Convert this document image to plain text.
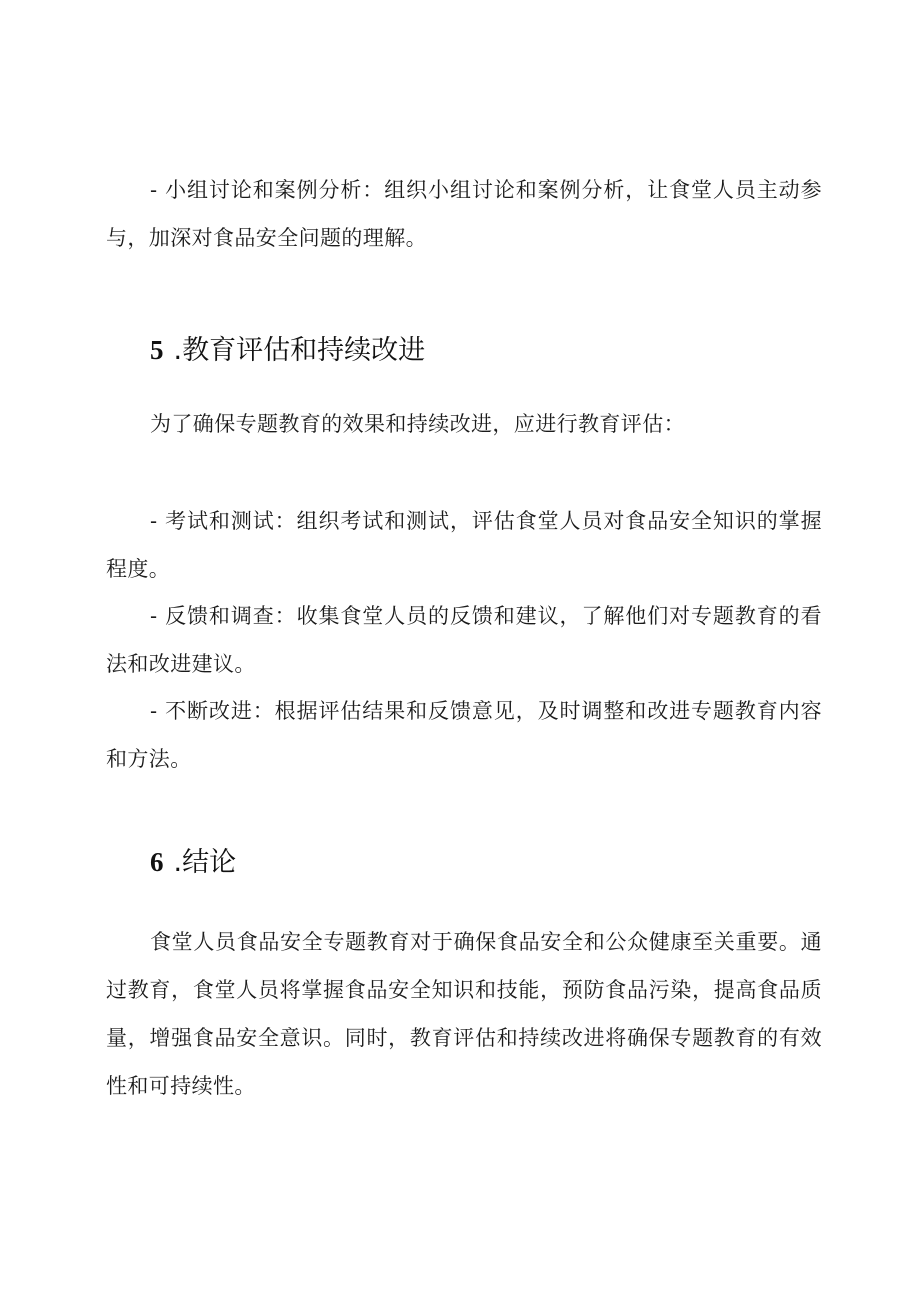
- 小组讨论和案例分析：组织小组讨论和案例分析，让食堂人员主动参与，加深对食品安全问题的理解。

5 .教育评估和持续改进

为了确保专题教育的效果和持续改进，应进行教育评估：

- 考试和测试：组织考试和测试，评估食堂人员对食品安全知识的掌握程度。

- 反馈和调查：收集食堂人员的反馈和建议，了解他们对专题教育的看法和改进建议。

- 不断改进：根据评估结果和反馈意见，及时调整和改进专题教育内容和方法。

6 .结论

食堂人员食品安全专题教育对于确保食品安全和公众健康至关重要。通过教育，食堂人员将掌握食品安全知识和技能，预防食品污染，提高食品质量，增强食品安全意识。同时，教育评估和持续改进将确保专题教育的有效性和可持续性。
